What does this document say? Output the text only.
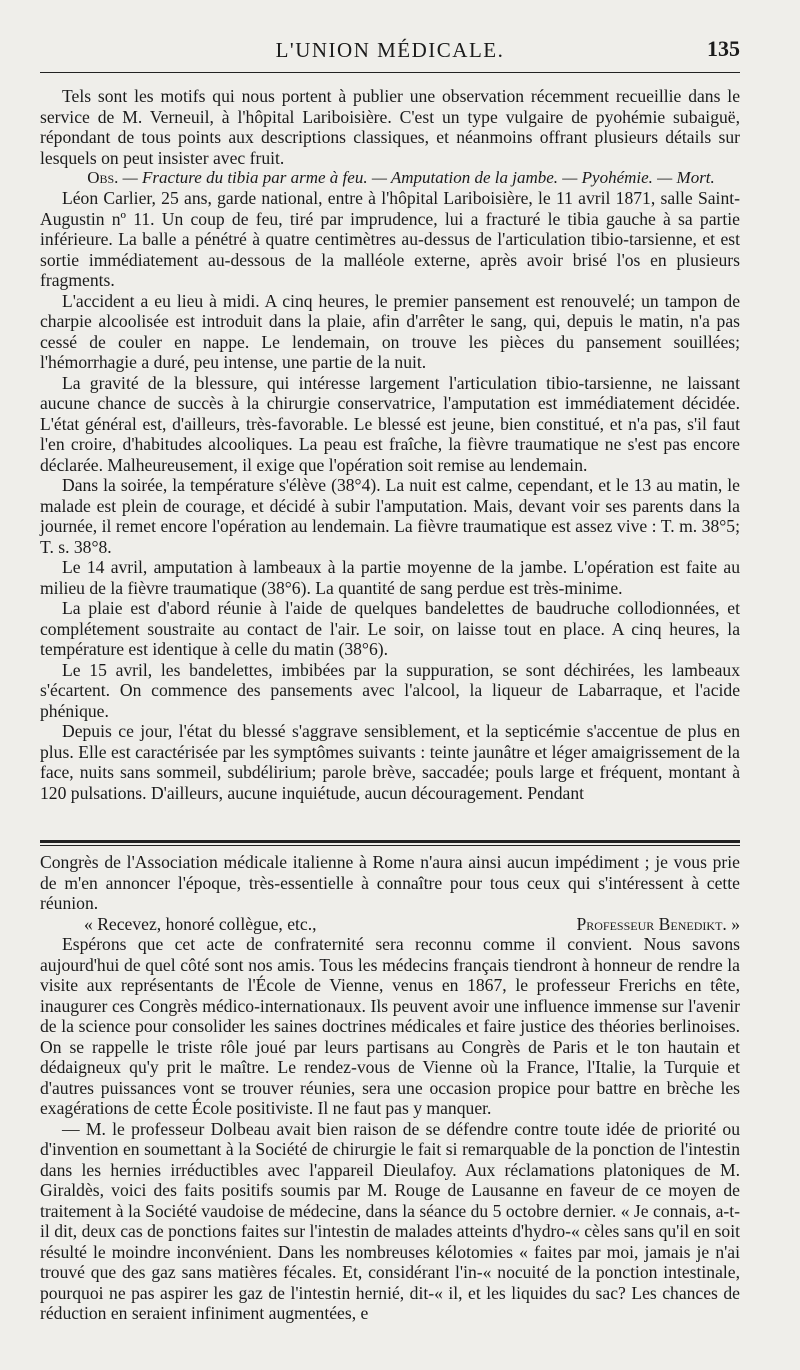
L'UNION MÉDICALE.	135

Tels sont les motifs qui nous portent à publier une observation récemment recueillie dans le service de M. Verneuil, à l'hôpital Lariboisière. C'est un type vulgaire de pyohémie subaiguë, répondant de tous points aux descriptions classiques, et néanmoins offrant plusieurs détails sur lesquels on peut insister avec fruit.

Obs. — Fracture du tibia par arme à feu. — Amputation de la jambe. — Pyohémie. — Mort.

Léon Carlier, 25 ans, garde national, entre à l'hôpital Lariboisière, le 11 avril 1871, salle Saint-Augustin nº 11. Un coup de feu, tiré par imprudence, lui a fracturé le tibia gauche à sa partie inférieure. La balle a pénétré à quatre centimètres au-dessus de l'articulation tibio-tarsienne, et est sortie immédiatement au-dessous de la malléole externe, après avoir brisé l'os en plusieurs fragments.

L'accident a eu lieu à midi. A cinq heures, le premier pansement est renouvelé; un tampon de charpie alcoolisée est introduit dans la plaie, afin d'arrêter le sang, qui, depuis le matin, n'a pas cessé de couler en nappe. Le lendemain, on trouve les pièces du pansement souillées; l'hémorrhagie a duré, peu intense, une partie de la nuit.

La gravité de la blessure, qui intéresse largement l'articulation tibio-tarsienne, ne laissant aucune chance de succès à la chirurgie conservatrice, l'amputation est immédiatement décidée. L'état général est, d'ailleurs, très-favorable. Le blessé est jeune, bien constitué, et n'a pas, s'il faut l'en croire, d'habitudes alcooliques. La peau est fraîche, la fièvre traumatique ne s'est pas encore déclarée. Malheureusement, il exige que l'opération soit remise au lendemain.

Dans la soirée, la température s'élève (38°4). La nuit est calme, cependant, et le 13 au matin, le malade est plein de courage, et décidé à subir l'amputation. Mais, devant voir ses parents dans la journée, il remet encore l'opération au lendemain. La fièvre traumatique est assez vive : T. m. 38°5; T. s. 38°8.

Le 14 avril, amputation à lambeaux à la partie moyenne de la jambe. L'opération est faite au milieu de la fièvre traumatique (38°6). La quantité de sang perdue est très-minime.

La plaie est d'abord réunie à l'aide de quelques bandelettes de baudruche collodionnées, et complétement soustraite au contact de l'air. Le soir, on laisse tout en place. A cinq heures, la température est identique à celle du matin (38°6).

Le 15 avril, les bandelettes, imbibées par la suppuration, se sont déchirées, les lambeaux s'écartent. On commence des pansements avec l'alcool, la liqueur de Labarraque, et l'acide phénique.

Depuis ce jour, l'état du blessé s'aggrave sensiblement, et la septicémie s'accentue de plus en plus. Elle est caractérisée par les symptômes suivants : teinte jaunâtre et léger amaigrissement de la face, nuits sans sommeil, subdélirium; parole brève, saccadée; pouls large et fréquent, montant à 120 pulsations. D'ailleurs, aucune inquiétude, aucun découragement. Pendant

Congrès de l'Association médicale italienne à Rome n'aura ainsi aucun impédiment ; je vous prie de m'en annoncer l'époque, très-essentielle à connaître pour tous ceux qui s'intéressent à cette réunion.

« Recevez, honoré collègue, etc.,	Professeur Benedikt. »

Espérons que cet acte de confraternité sera reconnu comme il convient. Nous savons aujourd'hui de quel côté sont nos amis. Tous les médecins français tiendront à honneur de rendre la visite aux représentants de l'École de Vienne, venus en 1867, le professeur Frerichs en tête, inaugurer ces Congrès médico-internationaux. Ils peuvent avoir une influence immense sur l'avenir de la science pour consolider les saines doctrines médicales et faire justice des théories berlinoises. On se rappelle le triste rôle joué par leurs partisans au Congrès de Paris et le ton hautain et dédaigneux qu'y prit le maître. Le rendez-vous de Vienne où la France, l'Italie, la Turquie et d'autres puissances vont se trouver réunies, sera une occasion propice pour battre en brèche les exagérations de cette École positiviste. Il ne faut pas y manquer.

— M. le professeur Dolbeau avait bien raison de se défendre contre toute idée de priorité ou d'invention en soumettant à la Société de chirurgie le fait si remarquable de la ponction de l'intestin dans les hernies irréductibles avec l'appareil Dieulafoy. Aux réclamations platoniques de M. Giraldès, voici des faits positifs soumis par M. Rouge de Lausanne en faveur de ce moyen de traitement à la Société vaudoise de médecine, dans la séance du 5 octobre dernier. « Je connais, a-t-il dit, deux cas de ponctions faites sur l'intestin de malades atteints d'hydro-« cèles sans qu'il en soit résulté le moindre inconvénient. Dans les nombreuses kélotomies « faites par moi, jamais je n'ai trouvé que des gaz sans matières fécales. Et, considérant l'in-« nocuité de la ponction intestinale, pourquoi ne pas aspirer les gaz de l'intestin hernié, dit-« il, et les liquides du sac? Les chances de réduction en seraient infiniment augmentées, e
